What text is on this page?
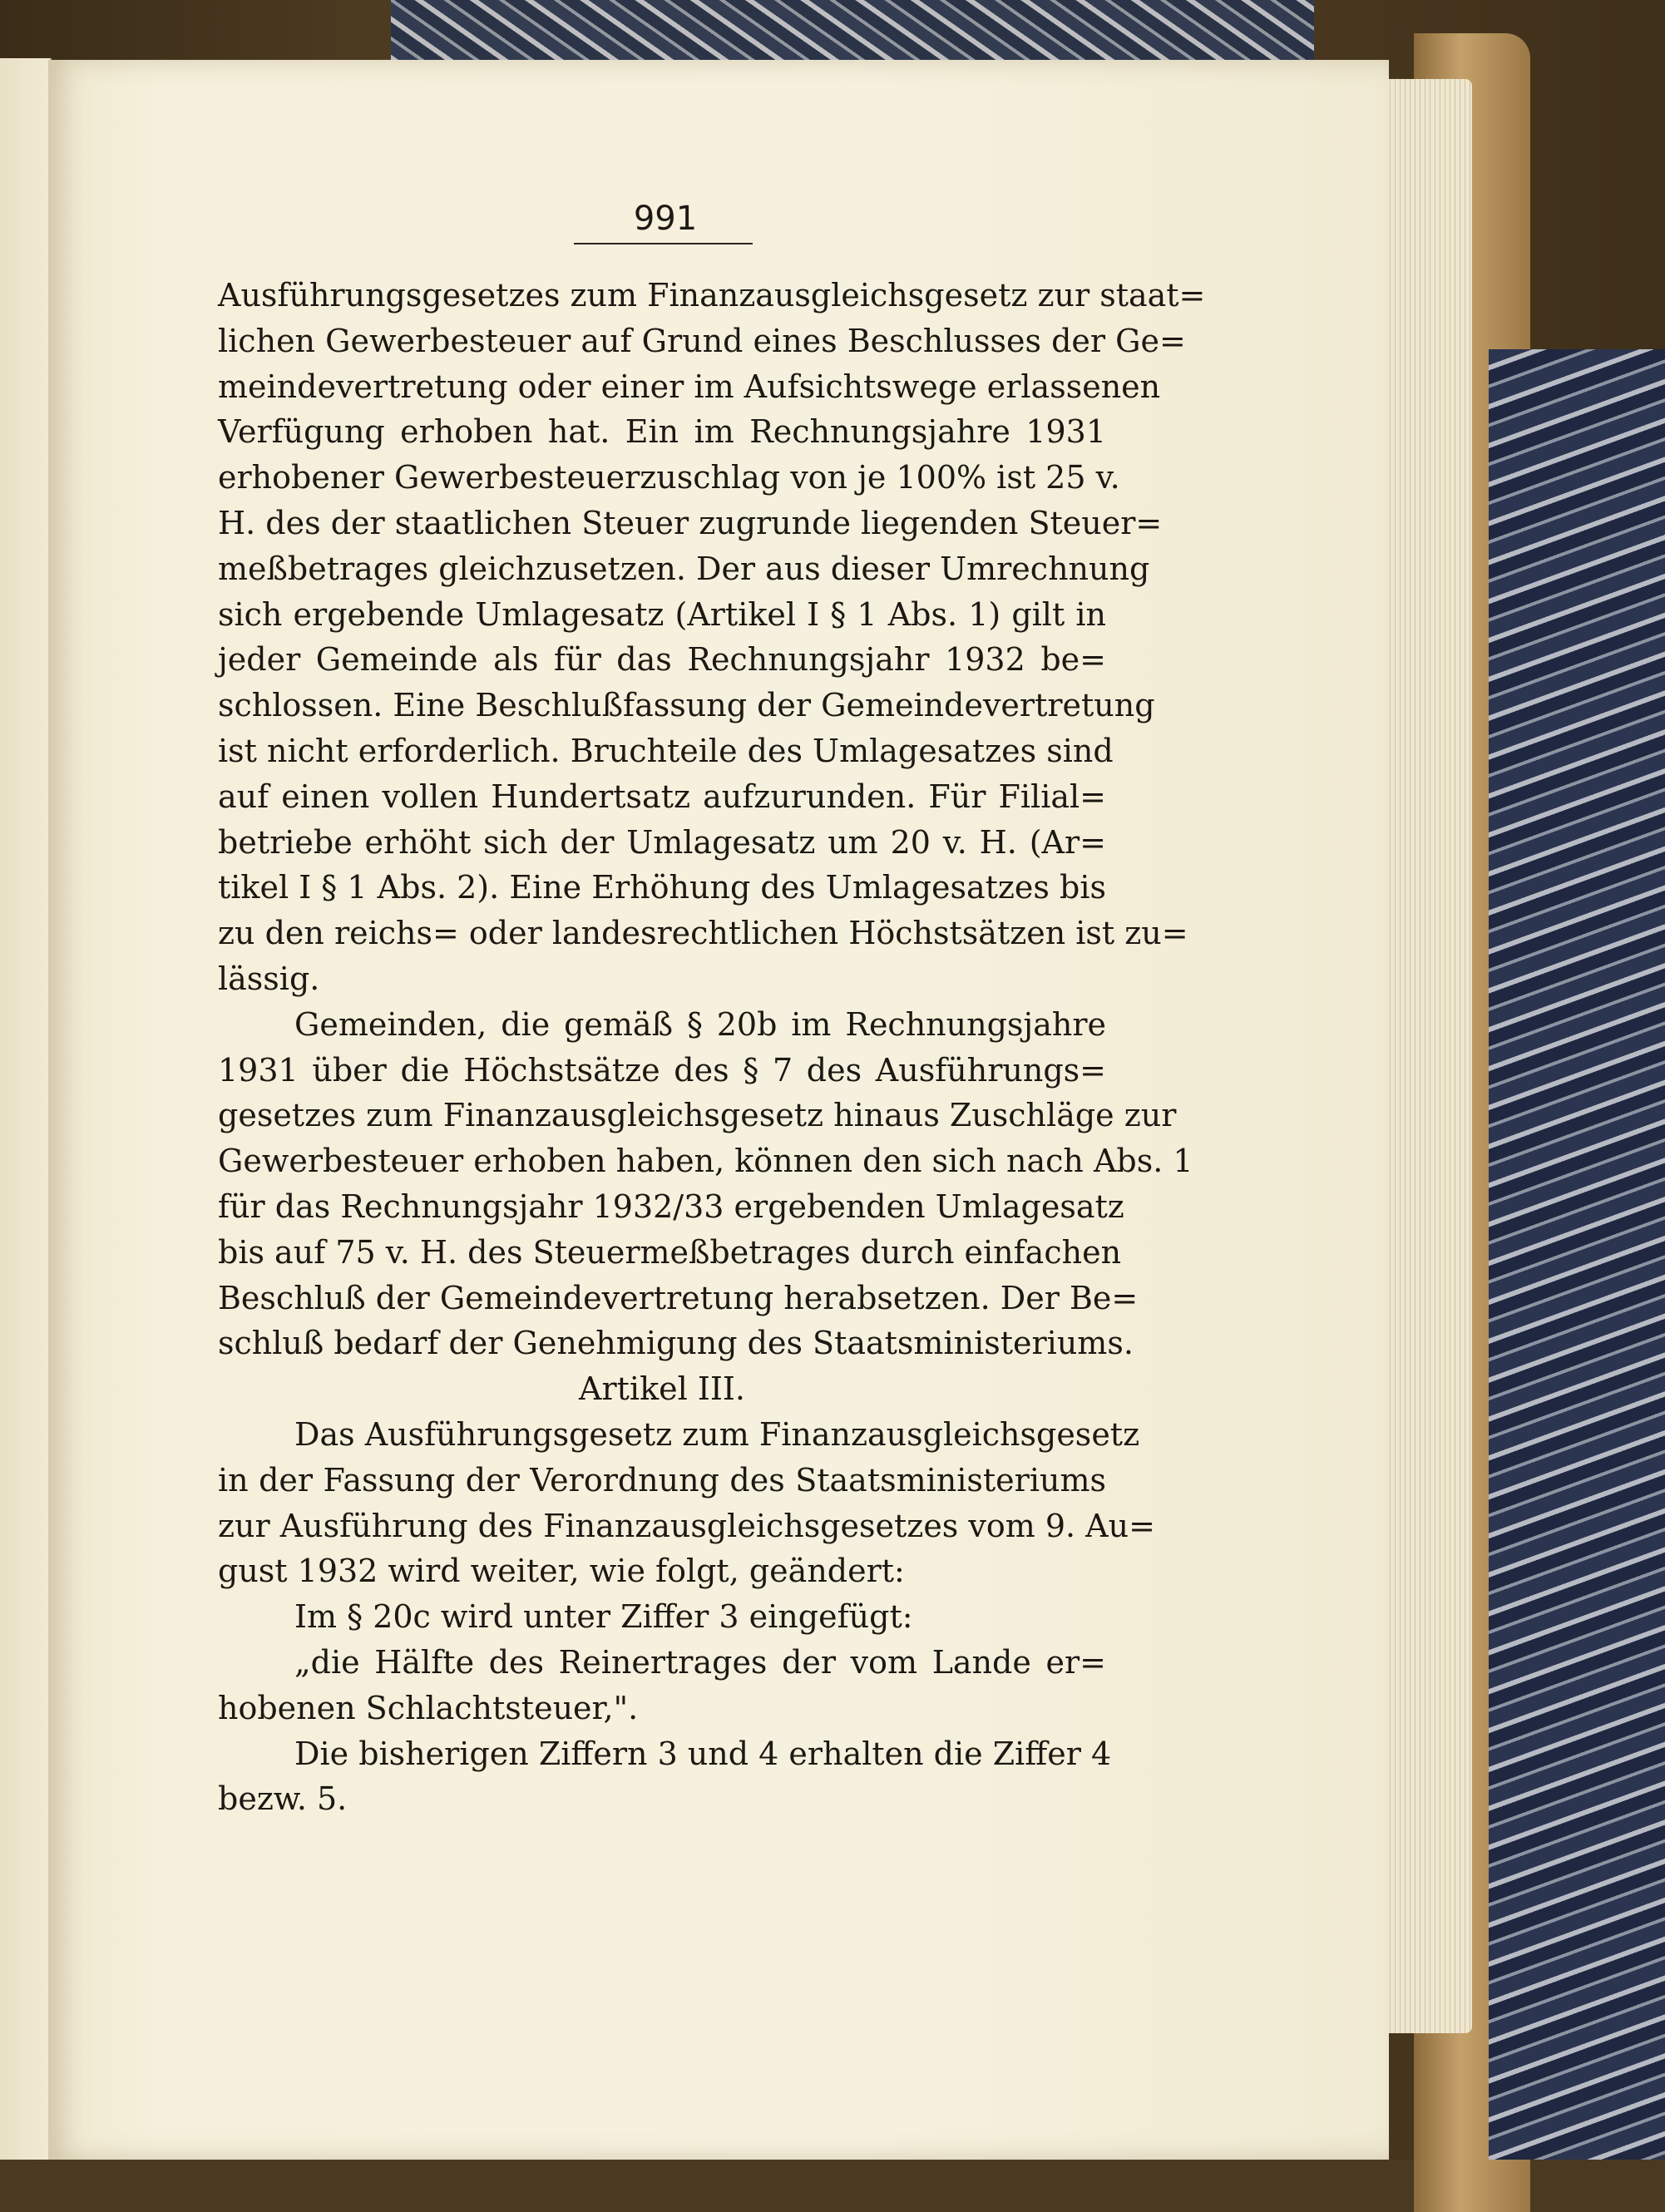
991
Ausführungsgesetzes zum Finanzausgleichsgesetz zur staat=
lichen Gewerbesteuer auf Grund eines Beschlusses der Ge=
meindevertretung oder einer im Aufsichtswege erlassenen
Verfügung erhoben hat. Ein im Rechnungsjahre 1931
erhobener Gewerbesteuerzuschlag von je 100% ist 25 v.
H. des der staatlichen Steuer zugrunde liegenden Steuer=
meßbetrages gleichzusetzen. Der aus dieser Umrechnung
sich ergebende Umlagesatz (Artikel I § 1 Abs. 1) gilt in
jeder Gemeinde als für das Rechnungsjahr 1932 be=
schlossen. Eine Beschlußfassung der Gemeindevertretung
ist nicht erforderlich. Bruchteile des Umlagesatzes sind
auf einen vollen Hundertsatz aufzurunden. Für Filial=
betriebe erhöht sich der Umlagesatz um 20 v. H. (Ar=
tikel I § 1 Abs. 2). Eine Erhöhung des Umlagesatzes bis
zu den reichs= oder landesrechtlichen Höchstsätzen ist zu=
lässig.
Gemeinden, die gemäß § 20b im Rechnungsjahre
1931 über die Höchstsätze des § 7 des Ausführungs=
gesetzes zum Finanzausgleichsgesetz hinaus Zuschläge zur
Gewerbesteuer erhoben haben, können den sich nach Abs. 1
für das Rechnungsjahr 1932/33 ergebenden Umlagesatz
bis auf 75 v. H. des Steuermeßbetrages durch einfachen
Beschluß der Gemeindevertretung herabsetzen. Der Be=
schluß bedarf der Genehmigung des Staatsministeriums.
Artikel III.
Das Ausführungsgesetz zum Finanzausgleichsgesetz
in der Fassung der Verordnung des Staatsministeriums
zur Ausführung des Finanzausgleichsgesetzes vom 9. Au=
gust 1932 wird weiter, wie folgt, geändert:
Im § 20c wird unter Ziffer 3 eingefügt:
„die Hälfte des Reinertrages der vom Lande er=
hobenen Schlachtsteuer,".
Die bisherigen Ziffern 3 und 4 erhalten die Ziffer 4
bezw. 5.
